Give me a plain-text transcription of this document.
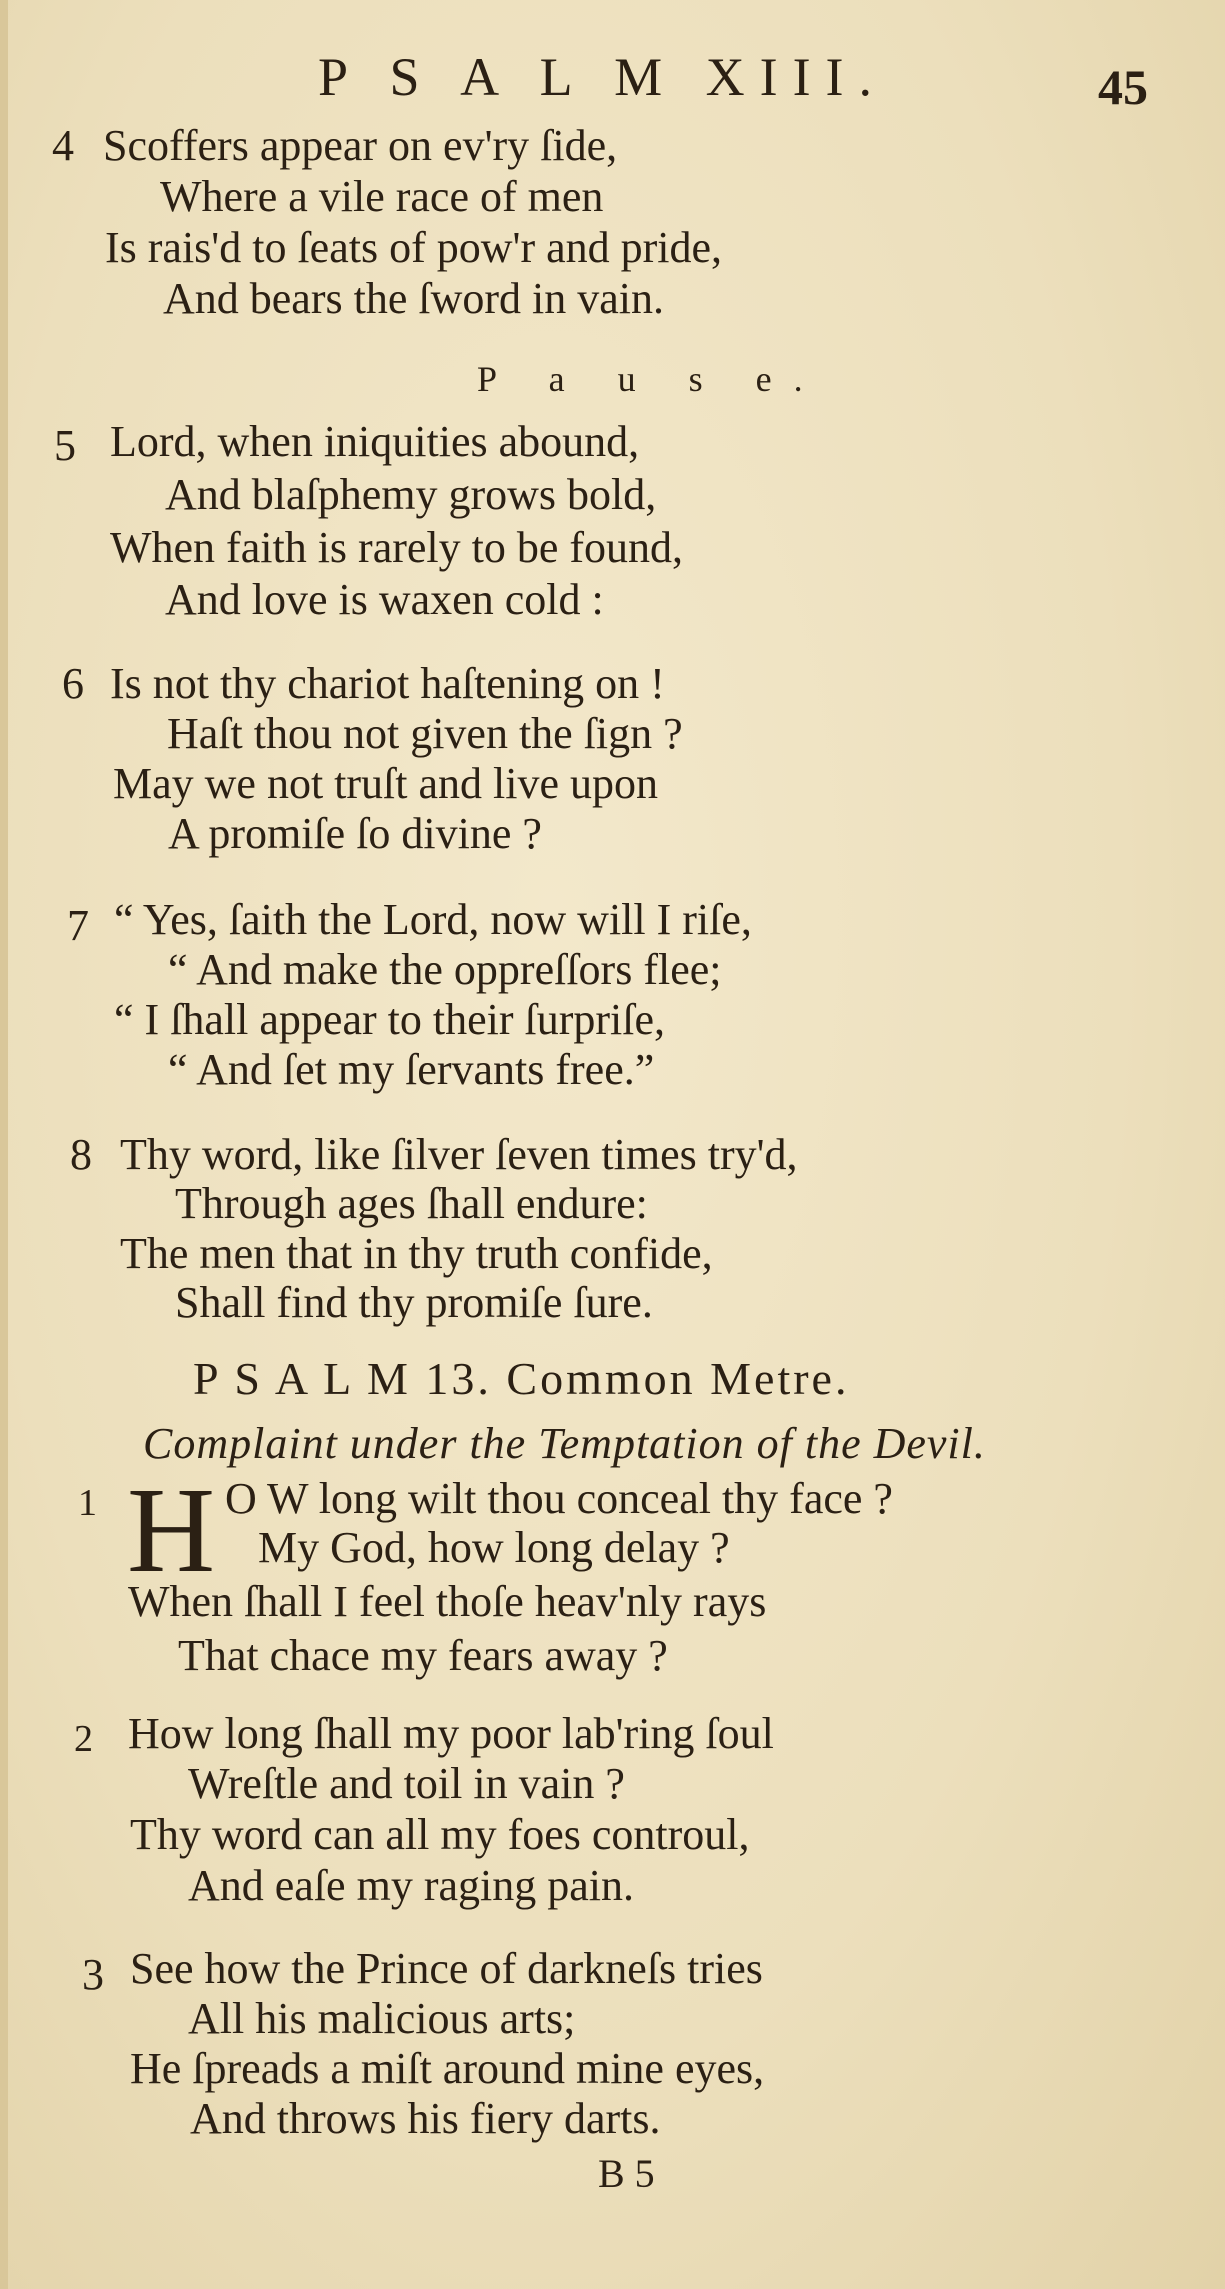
P S A L M XIII.	45
4 Scoffers appear on ev'ry ſide,
Where a vile race of men
Is rais'd to ſeats of pow'r and pride,
And bears the ſword in vain.
P a u s e.
5 Lord, when iniquities abound,
And blaſphemy grows bold,
When faith is rarely to be found,
And love is waxen cold :
6 Is not thy chariot haſtening on !
Haſt thou not given the ſign ?
May we not truſt and live upon
A promiſe ſo divine ?
7 “ Yes, ſaith the Lord, now will I riſe,
“ And make the oppreſſors flee;
“ I ſhall appear to their ſurpriſe,
“ And ſet my ſervants free.”
8 Thy word, like ſilver ſeven times try'd,
Through ages ſhall endure:
The men that in thy truth confide,
Shall find thy promiſe ſure.
P S A L M 13. Common Metre.
Complaint under the Temptation of the Devil.
1 H O W long wilt thou conceal thy face ?
My God, how long delay ?
When ſhall I feel thoſe heav'nly rays
That chace my fears away ?
2 How long ſhall my poor lab'ring ſoul
Wreſtle and toil in vain ?
Thy word can all my foes controul,
And eaſe my raging pain.
3 See how the Prince of darkneſs tries
All his malicious arts;
He ſpreads a miſt around mine eyes,
And throws his fiery darts.
B 5
